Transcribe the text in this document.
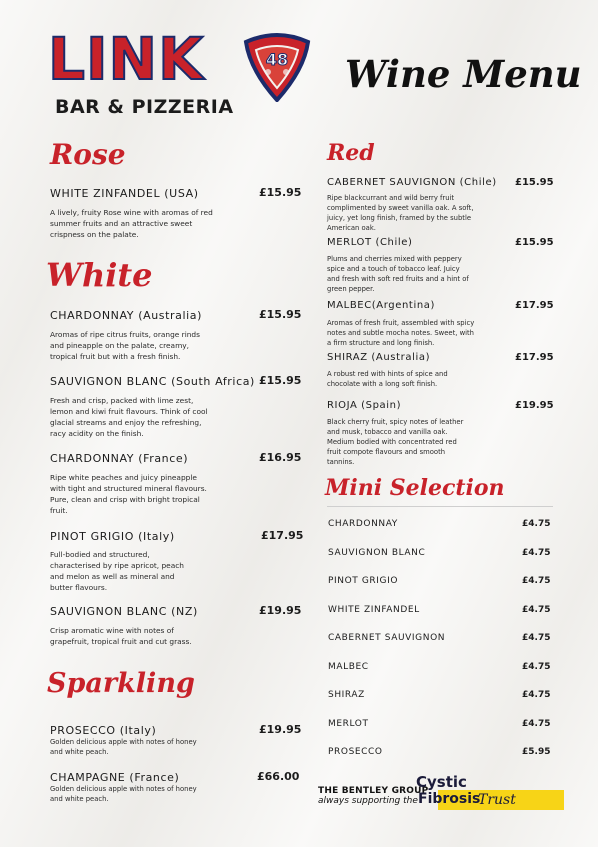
LINK	48
BAR & PIZZERIA
Wine Menu
Rose
WHITE ZINFANDEL (USA)	£15.95
A lively, fruity Rose wine with aromas of red
summer fruits and an attractive sweet
crispness on the palate.
White
CHARDONNAY (Australia)	£15.95
Aromas of ripe citrus fruits, orange rinds
and pineapple on the palate, creamy,
tropical fruit but with a fresh finish.
SAUVIGNON BLANC (South Africa) £15.95
Fresh and crisp, packed with lime zest,
lemon and kiwi fruit flavours. Think of cool
glacial streams and enjoy the refreshing,
racy acidity on the finish.
CHARDONNAY (France)	£16.95
Ripe white peaches and juicy pineapple
with tight and structured mineral flavours.
Pure, clean and crisp with bright tropical
fruit.
PINOT GRIGIO (Italy)	£17.95
Full-bodied and structured,
characterised by ripe apricot, peach
and melon as well as mineral and
butter flavours.
SAUVIGNON BLANC (NZ)	£19.95
Crisp aromatic wine with notes of
grapefruit, tropical fruit and cut grass.
Sparkling
PROSECCO (Italy)	£19.95
Golden delicious apple with notes of honey
and white peach.
CHAMPAGNE (France)	£66.00
Golden delicious apple with notes of honey
and white peach.
Red
CABERNET SAUVIGNON (Chile) £15.95
Ripe blackcurrant and wild berry fruit
complimented by sweet vanilla oak. A soft,
juicy, yet long finish, framed by the subtle
American oak.
MERLOT (Chile)	£15.95
Plums and cherries mixed with peppery
spice and a touch of tobacco leaf. Juicy
and fresh with soft red fruits and a hint of
green pepper.
MALBEC(Argentina)	£17.95
Aromas of fresh fruit, assembled with spicy
notes and subtle mocha notes. Sweet, with
a firm structure and long finish.
SHIRAZ (Australia)	£17.95
A robust red with hints of spice and
chocolate with a long soft finish.
RIOJA (Spain)	£19.95
Black cherry fruit, spicy notes of leather
and musk, tobacco and vanilla oak.
Medium bodied with concentrated red
fruit compote flavours and smooth
tannins.
Mini Selection
CHARDONNAY	£4.75
SAUVIGNON BLANC	£4.75
PINOT GRIGIO	£4.75
WHITE ZINFANDEL	£4.75
CABERNET SAUVIGNON	£4.75
MALBEC	£4.75
SHIRAZ	£4.75
MERLOT	£4.75
PROSECCO	£5.95
THE BENTLEY GROUP
always supporting the
Cystic
Fibrosis
Trust
